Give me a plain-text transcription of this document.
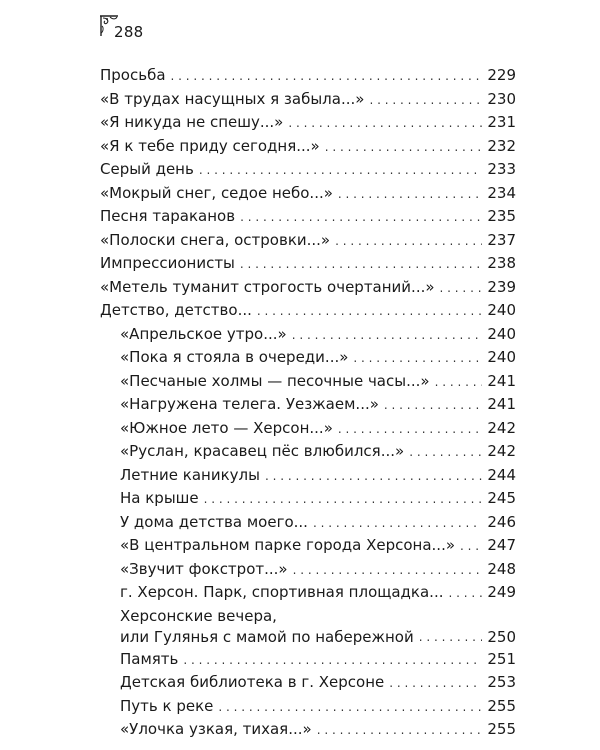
288
Просьба . . .	229
«В трудах насущных я забыла...» . . .	230
«Я никуда не спешу...» . . .	231
«Я к тебе приду сегодня...» . . .	232
Серый день . . .	233
«Мокрый снег, седое небо...» . . .	234
Песня тараканов . . .	235
«Полоски снега, островки...» . . .	237
Импрессионисты . . .	238
«Метель туманит строгость очертаний...» . . .	239
Детство, детство... . . .	240
«Апрельское утро...» . . .	240
«Пока я стояла в очереди...» . . .	240
«Песчаные холмы — песочные часы...» . . .	241
«Нагружена телега. Уезжаем...» . . .	241
«Южное лето — Херсон...» . . .	242
«Руслан, красавец пёс влюбился...» . . .	242
Летние каникулы . . .	244
На крыше . . .	245
У дома детства моего... . . .	246
«В центральном парке города Херсона...» . . . 247
«Звучит фокстрот...» . . .	248
г. Херсон. Парк, спортивная площадка... . . .	249
Херсонские вечера,
или Гулянья с мамой по набережной . . .	250
Память . . .	251
Детская библиотека в г. Херсоне . . .	253
Путь к реке . . .	255
«Улочка узкая, тихая...» . . .	255
